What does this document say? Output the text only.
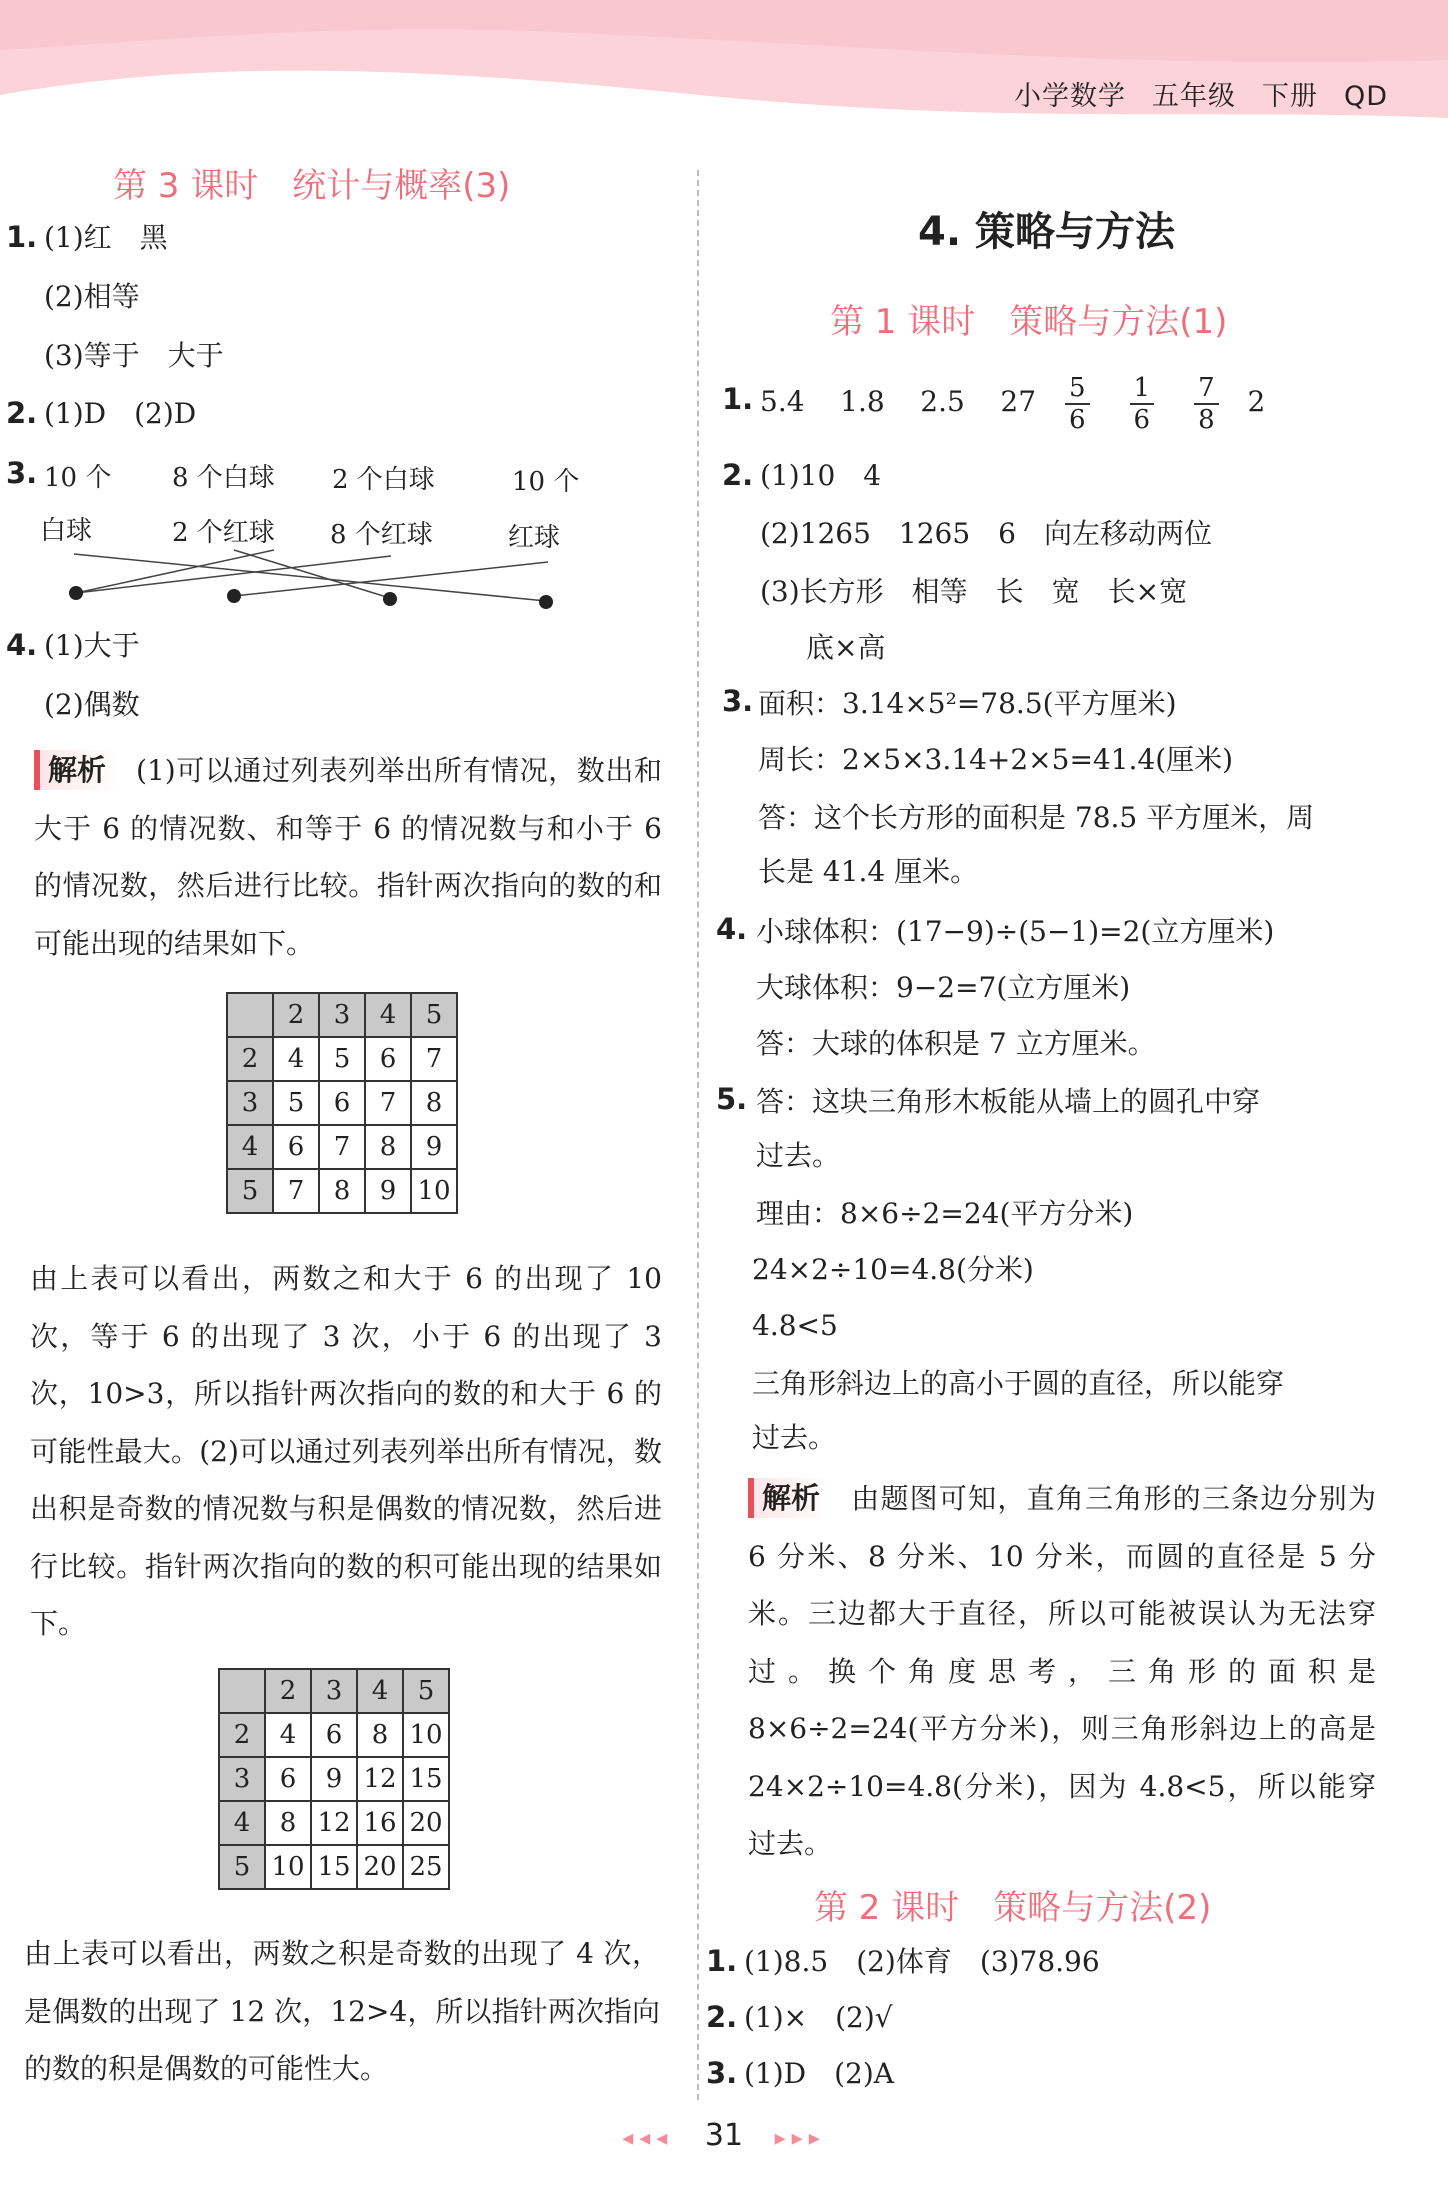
小学数学 五年级 下册 QD
第 3 课时　统计与概率(3)
1. (1)红　黑
(2)相等
(3)等于　大于
2. (1)D　(2)D
3. 10 个 8 个白球 2 个白球	10 个
白球	2 个红球 8 个红球	红球
4. (1)大于
(2)偶数
解析 (1)可以通过列表列举出所有情况，数出和大于 6 的情况数、和等于 6 的情况数与和小于 6 的情况数，然后进行比较。指针两次指向的数的和可能出现的结果如下。
	2	3	4	5
2	4	5	6	7
3	5	6	7	8
4	6	7	8	9
5	7	8	9	10
由上表可以看出，两数之和大于 6 的出现了 10 次，等于 6 的出现了 3 次，小于 6 的出现了 3 次，10>3，所以指针两次指向的数的和大于 6 的可能性最大。(2)可以通过列表列举出所有情况，数出积是奇数的情况数与积是偶数的情况数，然后进行比较。指针两次指向的数的积可能出现的结果如下。
	2	3	4	5
2	4	6	8	10
3	6	9	12	15
4	8	12	16	20
5	10	15	20	25
由上表可以看出，两数之积是奇数的出现了 4 次，是偶数的出现了 12 次，12>4，所以指针两次指向的数的积是偶数的可能性大。
4. 策略与方法
第 1 课时　策略与方法(1)
1. 5.4 1.8 2.5 $27 \frac{5}{6} \frac{1}{6} \frac{7}{8} 2$
2. (1)10　4
(2)1265　1265　6　向左移动两位
(3)长方形　相等　长　宽　长×宽
底×高
3. 面积：3.14×5²=78.5(平方厘米)
周长：2×5×3.14+2×5=41.4(厘米)
答：这个长方形的面积是 78.5 平方厘米，周
长是 41.4 厘米。
4. 小球体积：(17−9)÷(5−1)=2(立方厘米)
大球体积：9−2=7(立方厘米)
答：大球的体积是 7 立方厘米。
5. 答：这块三角形木板能从墙上的圆孔中穿
过去。
理由：8×6÷2=24(平方分米)
24×2÷10=4.8(分米)
4.8<5
三角形斜边上的高小于圆的直径，所以能穿
过去。
解析 由题图可知，直角三角形的三条边分别为 6 分米、8 分米、10 分米，而圆的直径是 5 分米。三边都大于直径，所以可能被误认为无法穿过。换个角度思考，三角形的面积是 8×6÷2=24(平方分米)，则三角形斜边上的高是 24×2÷10=4.8(分米)，因为 4.8<5，所以能穿过去。
第 2 课时　策略与方法(2)
1. (1)8.5　(2)体育　(3)78.96
2. (1)×　(2)√
3. (1)D　(2)A
◂◂◂ 31 ▸▸▸
